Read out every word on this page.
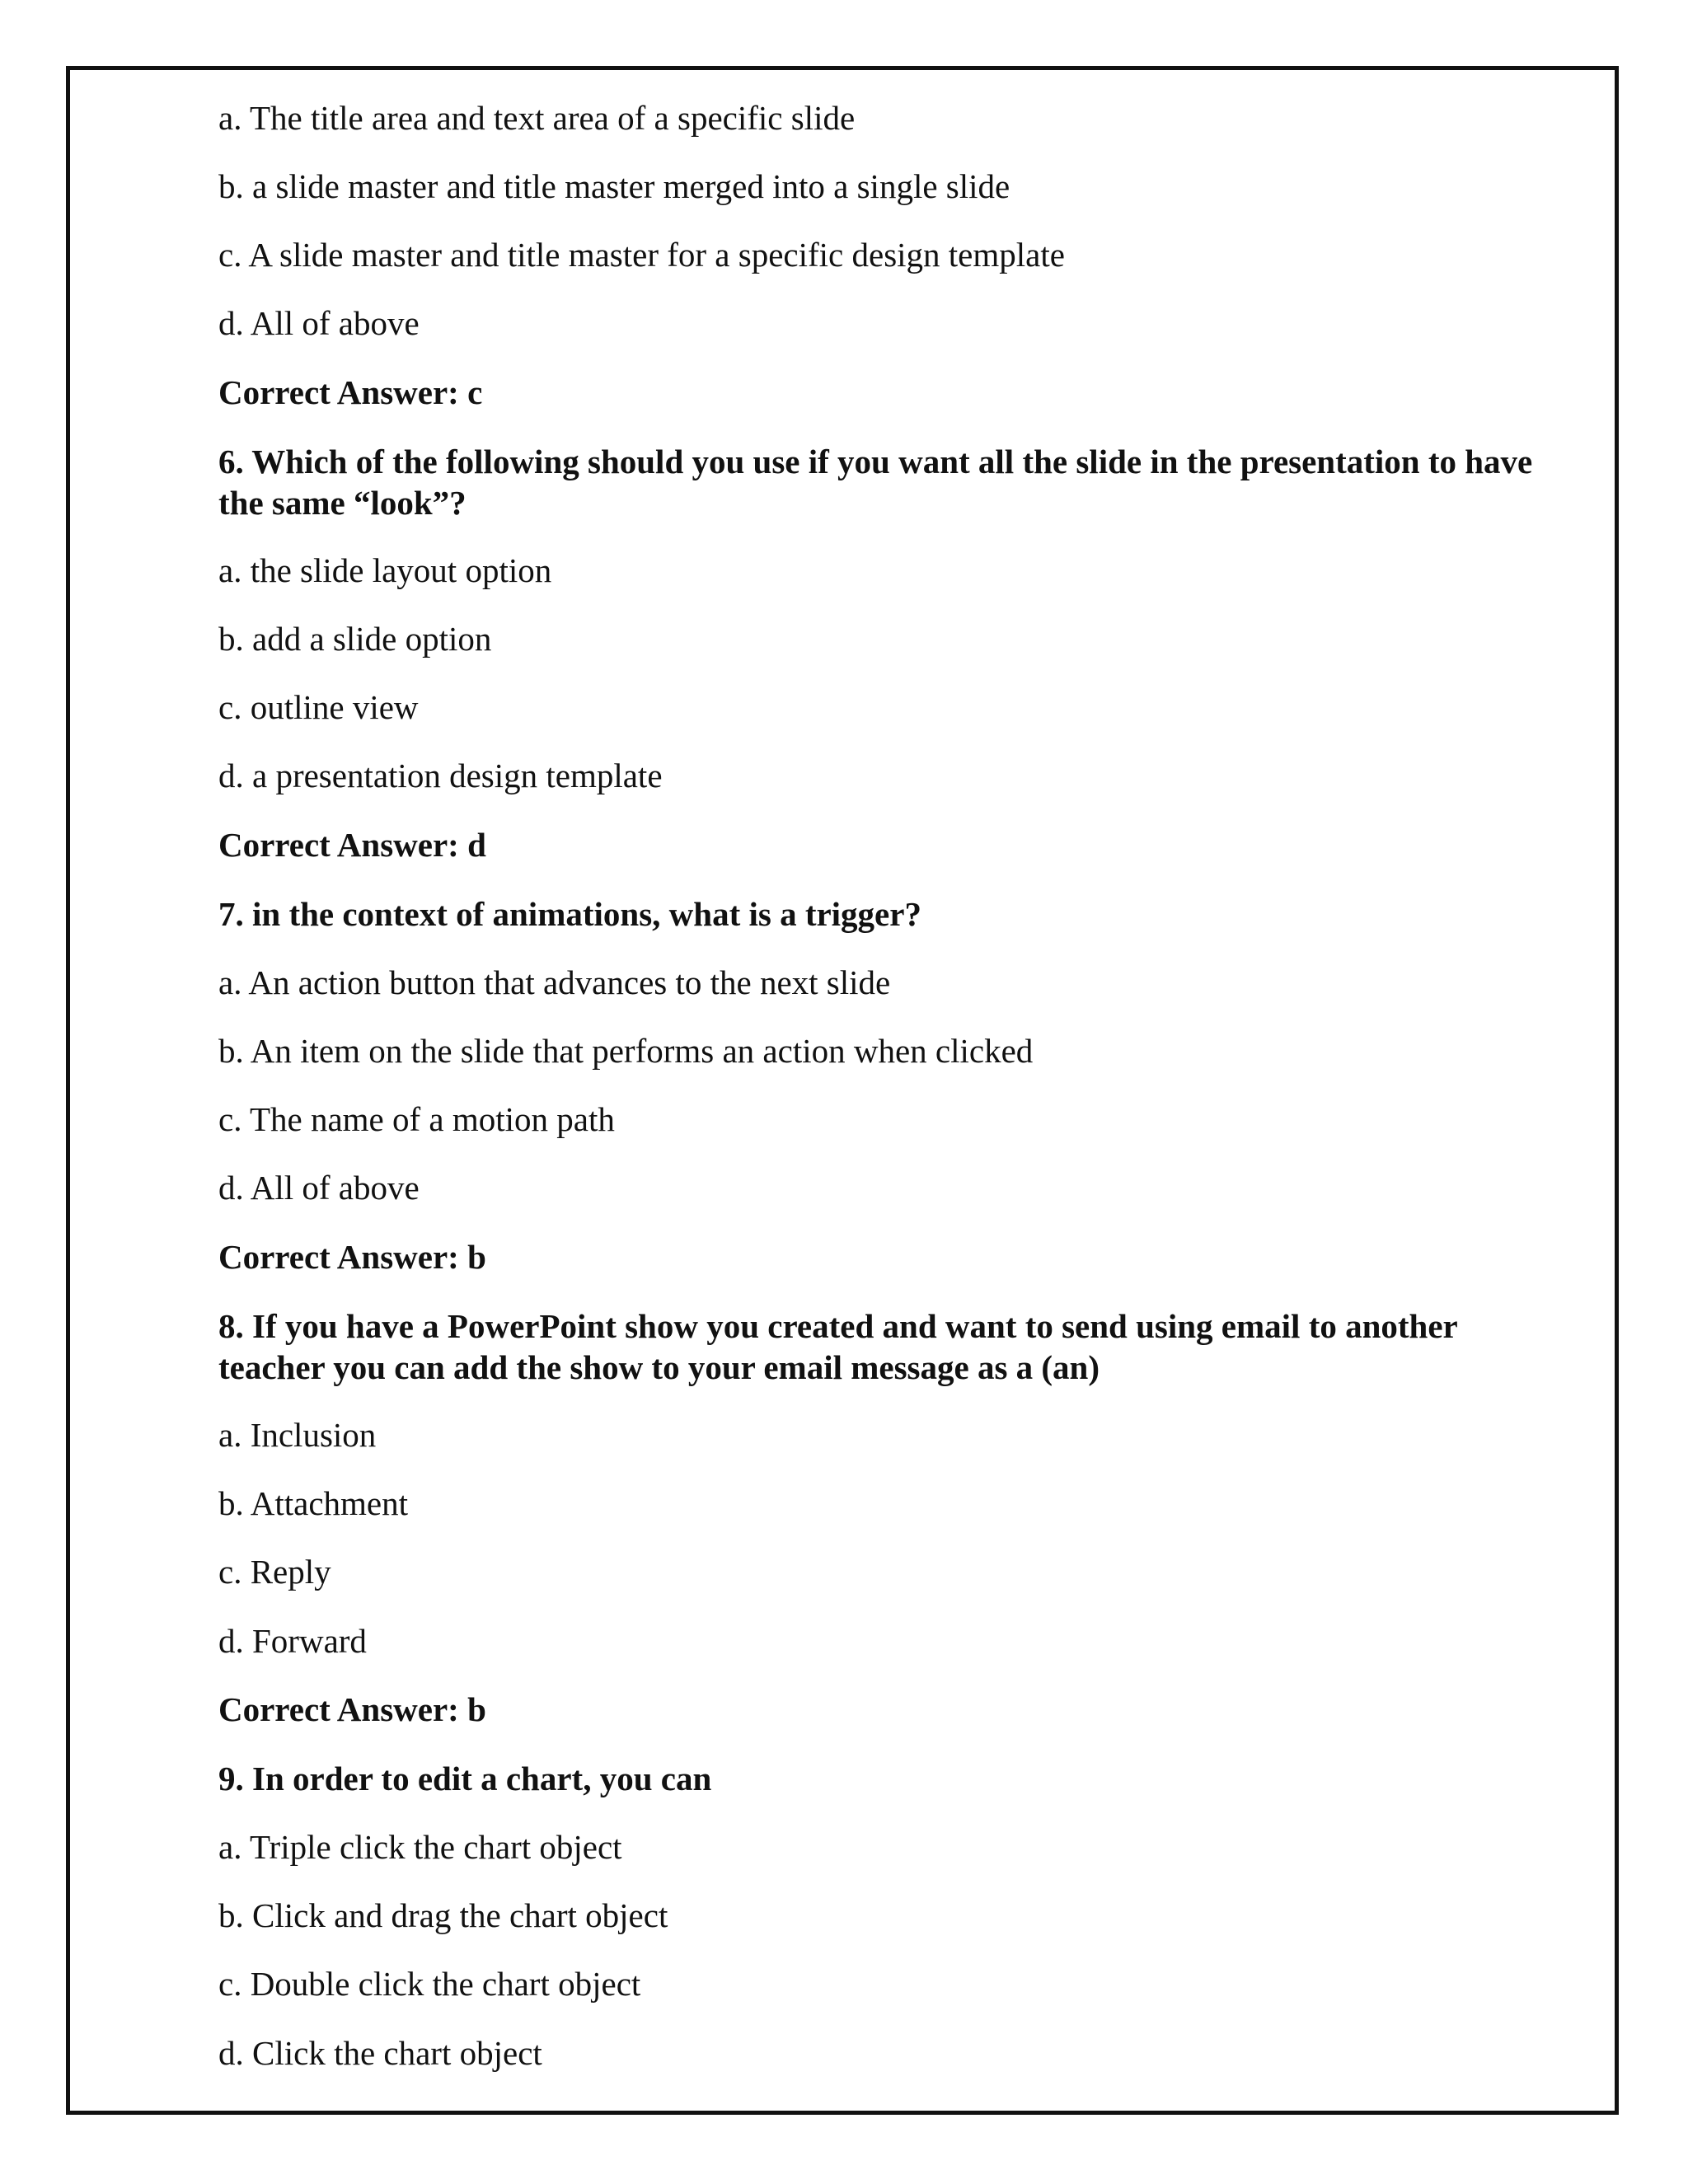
a. The title area and text area of a specific slide
b. a slide master and title master merged into a single slide
c. A slide master and title master for a specific design template
d. All of above
Correct Answer: c
6. Which of the following should you use if you want all the slide in the presentation to have the same “look”?
a. the slide layout option
b. add a slide option
c. outline view
d. a presentation design template
Correct Answer: d
7. in the context of animations, what is a trigger?
a. An action button that advances to the next slide
b. An item on the slide that performs an action when clicked
c. The name of a motion path
d. All of above
Correct Answer: b
8. If you have a PowerPoint show you created and want to send using email to another teacher you can add the show to your email message as a (an)
a. Inclusion
b. Attachment
c. Reply
d. Forward
Correct Answer: b
9. In order to edit a chart, you can
a. Triple click the chart object
b. Click and drag the chart object
c. Double click the chart object
d. Click the chart object
